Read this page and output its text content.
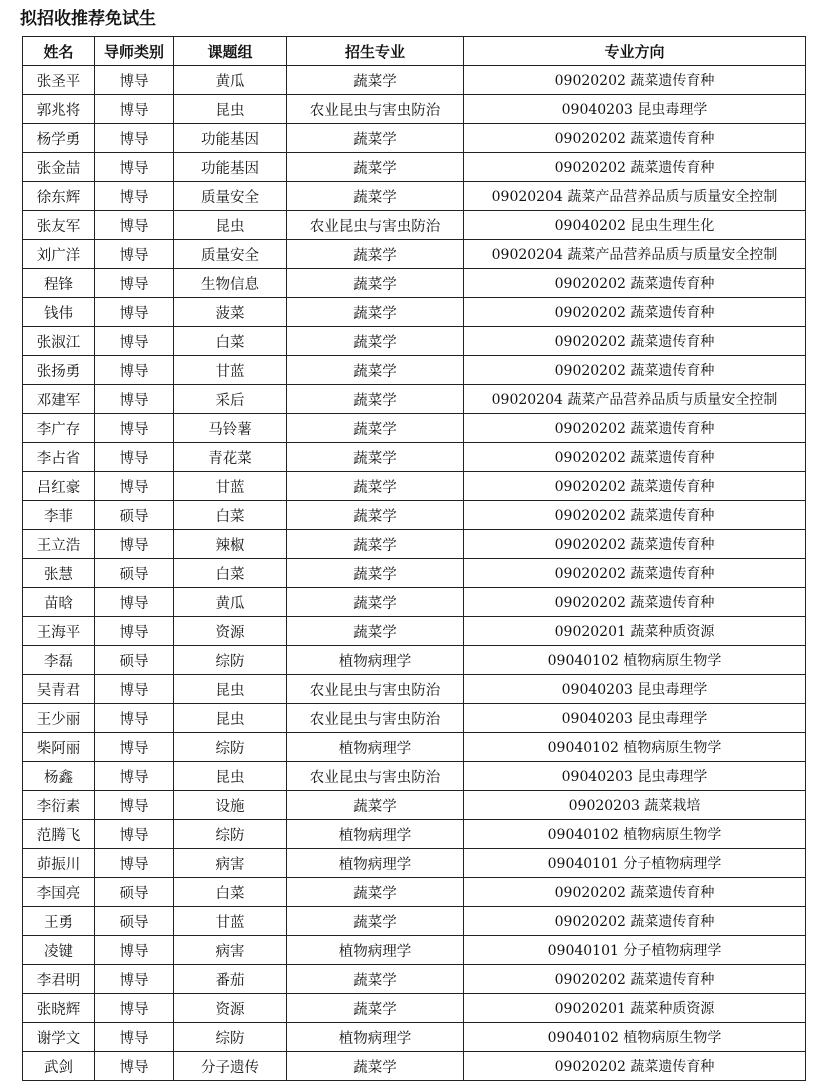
拟招收推荐免试生
姓名	导师类别	课题组	招生专业	专业方向
张圣平	博导	黄瓜	蔬菜学	09020202 蔬菜遗传育种
郭兆将	博导	昆虫	农业昆虫与害虫防治	09040203 昆虫毒理学
杨学勇	博导	功能基因	蔬菜学	09020202 蔬菜遗传育种
张金喆	博导	功能基因	蔬菜学	09020202 蔬菜遗传育种
徐东辉	博导	质量安全	蔬菜学	09020204 蔬菜产品营养品质与质量安全控制
张友军	博导	昆虫	农业昆虫与害虫防治	09040202 昆虫生理生化
刘广洋	博导	质量安全	蔬菜学	09020204 蔬菜产品营养品质与质量安全控制
程锋	博导	生物信息	蔬菜学	09020202 蔬菜遗传育种
钱伟	博导	菠菜	蔬菜学	09020202 蔬菜遗传育种
张淑江	博导	白菜	蔬菜学	09020202 蔬菜遗传育种
张扬勇	博导	甘蓝	蔬菜学	09020202 蔬菜遗传育种
邓建军	博导	采后	蔬菜学	09020204 蔬菜产品营养品质与质量安全控制
李广存	博导	马铃薯	蔬菜学	09020202 蔬菜遗传育种
李占省	博导	青花菜	蔬菜学	09020202 蔬菜遗传育种
吕红豪	博导	甘蓝	蔬菜学	09020202 蔬菜遗传育种
李菲	硕导	白菜	蔬菜学	09020202 蔬菜遗传育种
王立浩	博导	辣椒	蔬菜学	09020202 蔬菜遗传育种
张慧	硕导	白菜	蔬菜学	09020202 蔬菜遗传育种
苗晗	博导	黄瓜	蔬菜学	09020202 蔬菜遗传育种
王海平	博导	资源	蔬菜学	09020201 蔬菜种质资源
李磊	硕导	综防	植物病理学	09040102 植物病原生物学
吴青君	博导	昆虫	农业昆虫与害虫防治	09040203 昆虫毒理学
王少丽	博导	昆虫	农业昆虫与害虫防治	09040203 昆虫毒理学
柴阿丽	博导	综防	植物病理学	09040102 植物病原生物学
杨鑫	博导	昆虫	农业昆虫与害虫防治	09040203 昆虫毒理学
李衍素	博导	设施	蔬菜学	09020203 蔬菜栽培
范腾飞	博导	综防	植物病理学	09040102 植物病原生物学
茆振川	博导	病害	植物病理学	09040101 分子植物病理学
李国亮	硕导	白菜	蔬菜学	09020202 蔬菜遗传育种
王勇	硕导	甘蓝	蔬菜学	09020202 蔬菜遗传育种
凌键	博导	病害	植物病理学	09040101 分子植物病理学
李君明	博导	番茄	蔬菜学	09020202 蔬菜遗传育种
张晓辉	博导	资源	蔬菜学	09020201 蔬菜种质资源
谢学文	博导	综防	植物病理学	09040102 植物病原生物学
武剑	博导	分子遗传	蔬菜学	09020202 蔬菜遗传育种
